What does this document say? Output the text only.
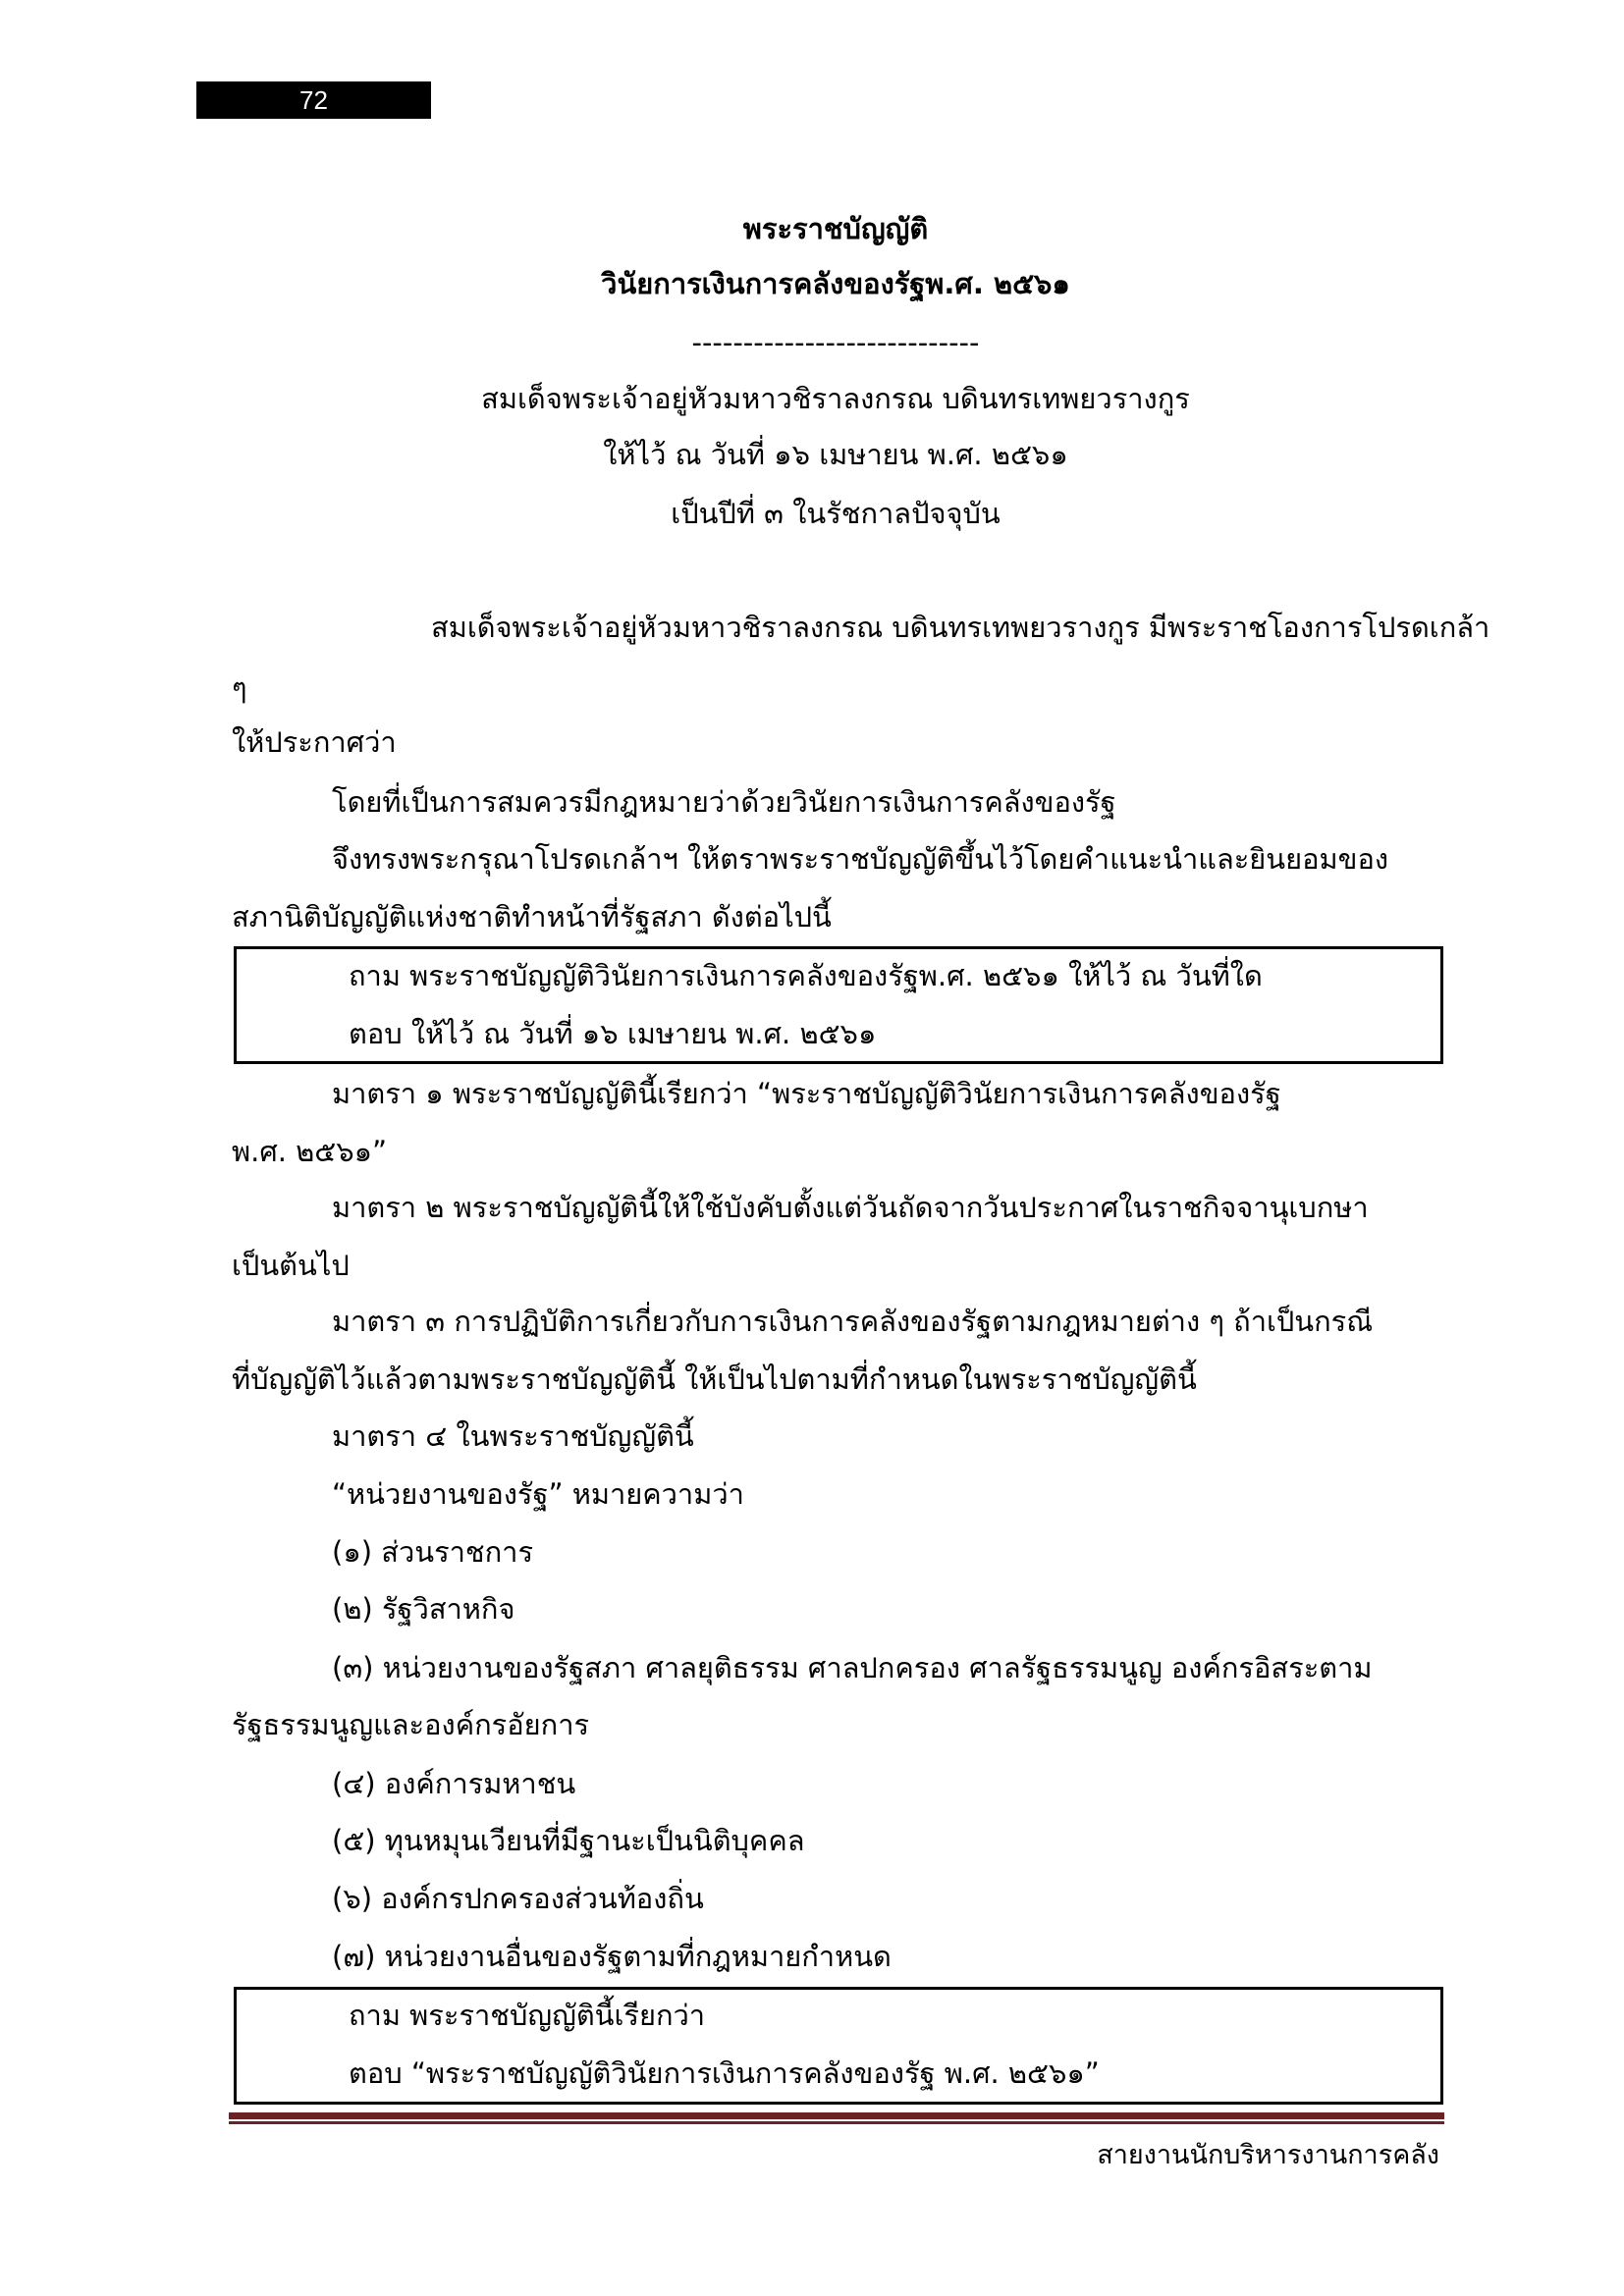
72
พระราชบัญญัติ
วินัยการเงินการคลังของรัฐพ.ศ. ๒๕๖๑
----------------------------
สมเด็จพระเจ้าอยู่หัวมหาวชิราลงกรณ บดินทรเทพยวรางกูร
ให้ไว้ ณ วันที่ ๑๖ เมษายน พ.ศ. ๒๕๖๑
เป็นปีที่ ๓ ในรัชกาลปัจจุบัน
สมเด็จพระเจ้าอยู่หัวมหาวชิราลงกรณ บดินทรเทพยวรางกูร มีพระราชโองการโปรดเกล้า
ๆ
ให้ประกาศว่า
โดยที่เป็นการสมควรมีกฎหมายว่าด้วยวินัยการเงินการคลังของรัฐ
จึงทรงพระกรุณาโปรดเกล้าฯ ให้ตราพระราชบัญญัติขึ้นไว้โดยคำแนะนำและยินยอมของ
สภานิติบัญญัติแห่งชาติทำหน้าที่รัฐสภา ดังต่อไปนี้
ถาม พระราชบัญญัติวินัยการเงินการคลังของรัฐพ.ศ. ๒๕๖๑ ให้ไว้ ณ วันที่ใด
ตอบ ให้ไว้ ณ วันที่ ๑๖ เมษายน พ.ศ. ๒๕๖๑
มาตรา ๑ พระราชบัญญัตินี้เรียกว่า “พระราชบัญญัติวินัยการเงินการคลังของรัฐ
พ.ศ. ๒๕๖๑”
มาตรา ๒ พระราชบัญญัตินี้ให้ใช้บังคับตั้งแต่วันถัดจากวันประกาศในราชกิจจานุเบกษา
เป็นต้นไป
มาตรา ๓ การปฏิบัติการเกี่ยวกับการเงินการคลังของรัฐตามกฎหมายต่าง ๆ ถ้าเป็นกรณี
ที่บัญญัติไว้แล้วตามพระราชบัญญัตินี้ ให้เป็นไปตามที่กำหนดในพระราชบัญญัตินี้
มาตรา ๔ ในพระราชบัญญัตินี้
“หน่วยงานของรัฐ” หมายความว่า
(๑) ส่วนราชการ
(๒) รัฐวิสาหกิจ
(๓) หน่วยงานของรัฐสภา ศาลยุติธรรม ศาลปกครอง ศาลรัฐธรรมนูญ องค์กรอิสระตาม
รัฐธรรมนูญและองค์กรอัยการ
(๔) องค์การมหาชน
(๕) ทุนหมุนเวียนที่มีฐานะเป็นนิติบุคคล
(๖) องค์กรปกครองส่วนท้องถิ่น
(๗) หน่วยงานอื่นของรัฐตามที่กฎหมายกำหนด
ถาม พระราชบัญญัตินี้เรียกว่า
ตอบ “พระราชบัญญัติวินัยการเงินการคลังของรัฐ พ.ศ. ๒๕๖๑”
สายงานนักบริหารงานการคลัง
